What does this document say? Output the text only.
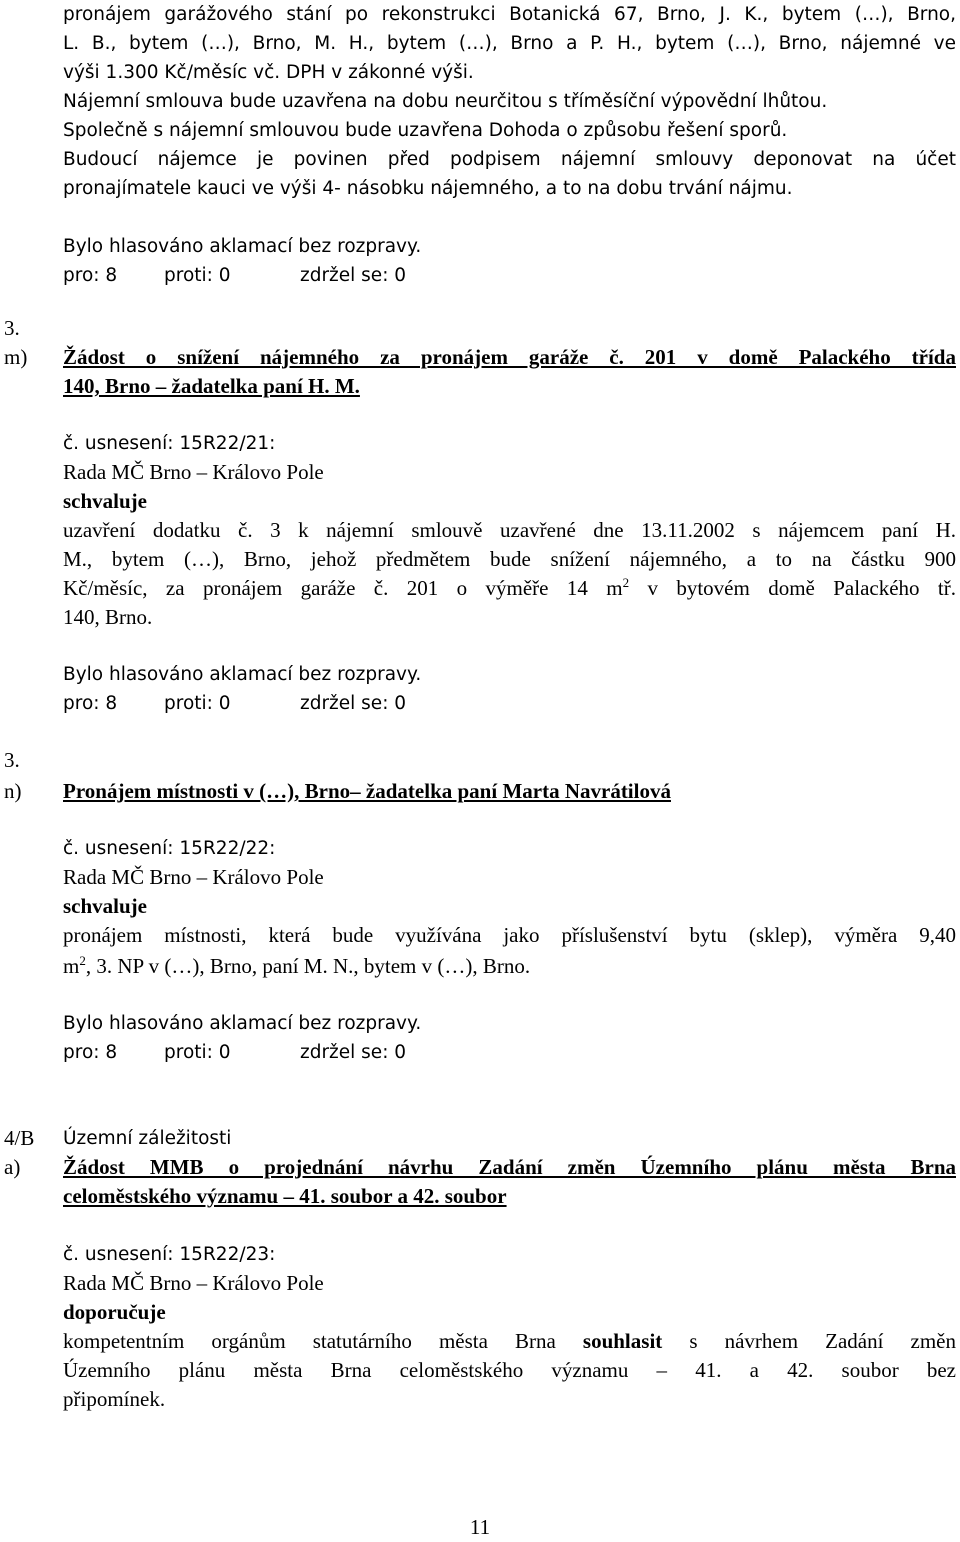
pronájem garážového stání po rekonstrukci Botanická 67, Brno, J. K., bytem (…), Brno,
L. B., bytem (…), Brno, M. H., bytem (…), Brno a P. H., bytem (…), Brno, nájemné ve
výši 1.300 Kč/měsíc vč. DPH v zákonné výši.
Nájemní smlouva bude uzavřena na dobu neurčitou s tříměsíční výpovědní lhůtou.
Společně s nájemní smlouvou bude uzavřena Dohoda o způsobu řešení sporů.
Budoucí nájemce je povinen před podpisem nájemní smlouvy deponovat na účet
pronajímatele kauci ve výši 4- násobku nájemného, a to na dobu trvání nájmu.
Bylo hlasováno aklamací bez rozpravy.
pro: 8	proti: 0	zdržel se: 0
3.
m) Žádost o snížení nájemného za pronájem garáže č. 201 v domě Palackého třída
140, Brno – žadatelka paní H. M.
č. usnesení: 15R22/21:
Rada MČ Brno – Královo Pole
schvaluje
uzavření dodatku č. 3 k nájemní smlouvě uzavřené dne 13.11.2002 s nájemcem paní H.
M., bytem (…), Brno, jehož předmětem bude snížení nájemného, a to na částku 900
Kč/měsíc, za pronájem garáže č. 201 o výměře 14 $m^2$ v bytovém domě Palackého tř.
140, Brno.
Bylo hlasováno aklamací bez rozpravy.
pro: 8	proti: 0	zdržel se: 0
3.
n) Pronájem místnosti v (…), Brno– žadatelka paní Marta Navrátilová
č. usnesení: 15R22/22:
Rada MČ Brno – Královo Pole
schvaluje
pronájem místnosti, která bude využívána jako příslušenství bytu (sklep), výměra 9,40
$m^2$, 3. NP v (…), Brno, paní M. N., bytem v (…), Brno.
Bylo hlasováno aklamací bez rozpravy.
pro: 8	proti: 0	zdržel se: 0
4/B Územní záležitosti
a) Žádost MMB o projednání návrhu Zadání změn Územního plánu města Brna
celoměstského významu – 41. soubor a 42. soubor
č. usnesení: 15R22/23:
Rada MČ Brno – Královo Pole
doporučuje
kompetentním orgánům statutárního města Brna souhlasit s návrhem Zadání změn
Územního plánu města Brna celoměstského významu – 41. a 42. soubor bez
připomínek.
11
